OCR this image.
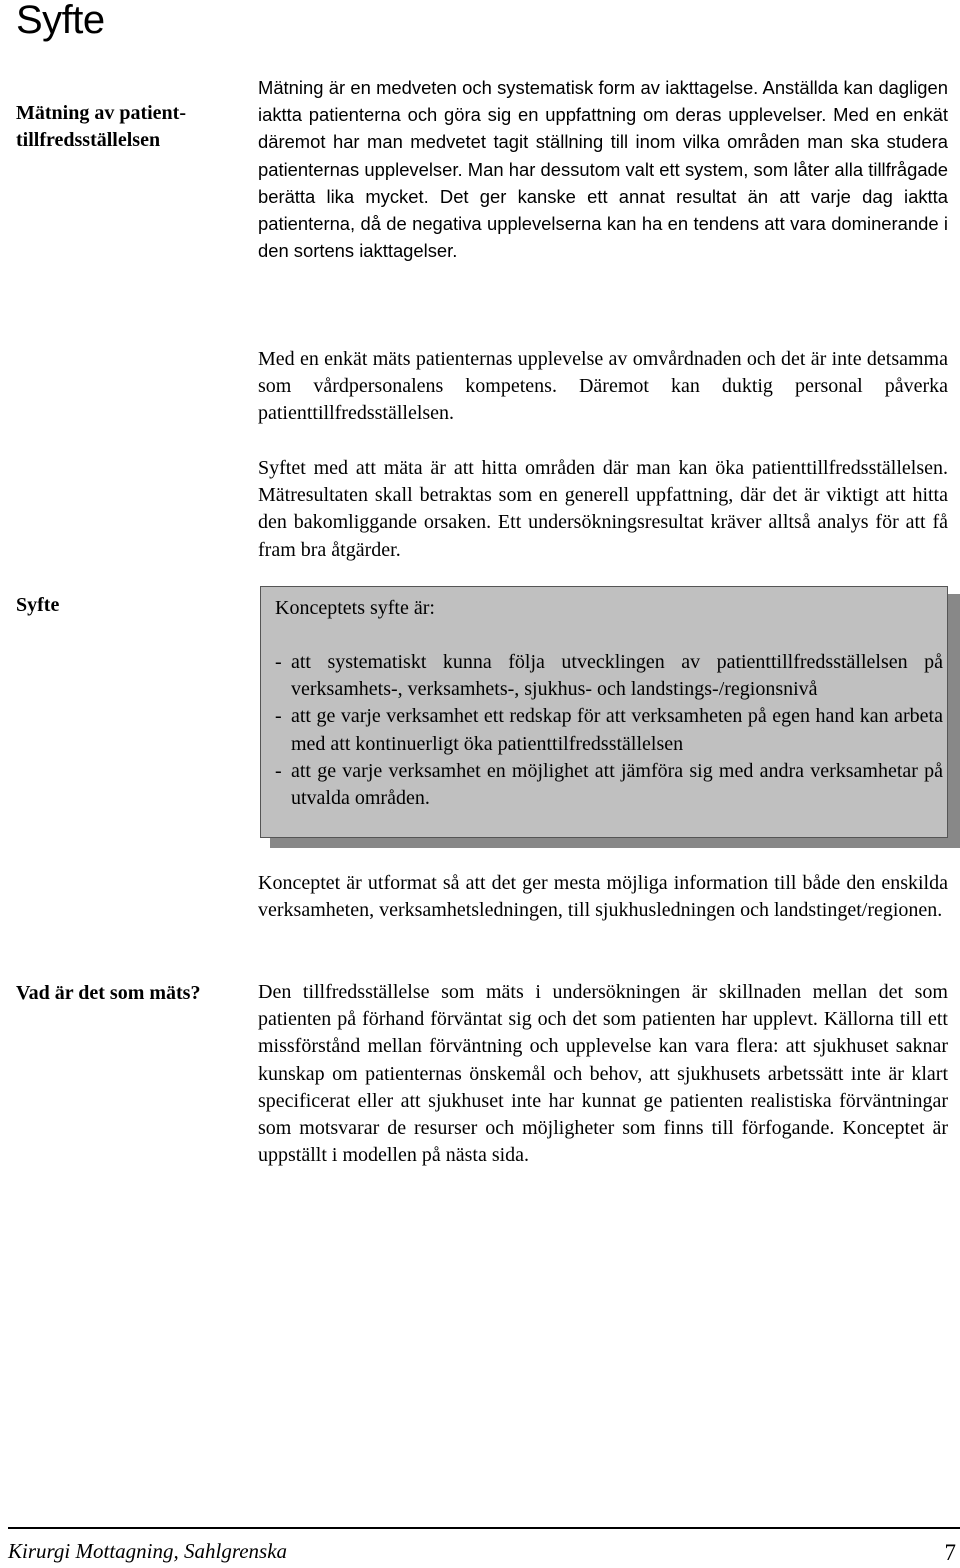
Syfte
Mätning av patient-tillfredsställelsen

Mätning är en medveten och systematisk form av iakttagelse. Anställda kan dagligen iaktta patienterna och göra sig en uppfattning om deras upplevelser. Med en enkät däremot har man medvetet tagit ställning till inom vilka områden man ska studera patienternas upplevelser. Man har dessutom valt ett system, som låter alla tillfrågade berätta lika mycket. Det ger kanske ett annat resultat än att varje dag iaktta patienterna, då de negativa upplevelserna kan ha en tendens att vara dominerande i den sortens iakttagelser.

Med en enkät mäts patienternas upplevelse av omvårdnaden och det är inte detsamma som vårdpersonalens kompetens. Däremot kan duktig personal påverka patienttillfredsställelsen.

Syftet med att mäta är att hitta områden där man kan öka patienttillfredsställelsen. Mätresultaten skall betraktas som en generell uppfattning, där det är viktigt att hitta den bakomliggande orsaken. Ett undersökningsresultat kräver alltså analys för att få fram bra åtgärder.

Syfte	Konceptets syfte är:
- att systematiskt kunna följa utvecklingen av patienttillfredsställelsen på verksamhets-, verksamhets-, sjukhus- och landstings-/regionsnivå
- att ge varje verksamhet ett redskap för att verksamheten på egen hand kan arbeta med att kontinuerligt öka patienttilfredsställelsen
- att ge varje verksamhet en möjlighet att jämföra sig med andra verksamhetar på utvalda områden.

Konceptet är utformat så att det ger mesta möjliga information till både den enskilda verksamheten, verksamhetsledningen, till sjukhusledningen och landstinget/regionen.

Vad är det som mäts?	Den tillfredsställelse som mäts i undersökningen är skillnaden mellan det som patienten på förhand förväntat sig och det som patienten har upplevt. Källorna till ett missförstånd mellan förväntning och upplevelse kan vara flera: att sjukhuset saknar kunskap om patienternas önskemål och behov, att sjukhusets arbetssätt inte är klart specificerat eller att sjukhuset inte har kunnat ge patienten realistiska förväntningar som motsvarar de resurser och möjligheter som finns till förfogande. Konceptet är uppställt i modellen på nästa sida.

Kirurgi Mottagning, Sahlgrenska	7
